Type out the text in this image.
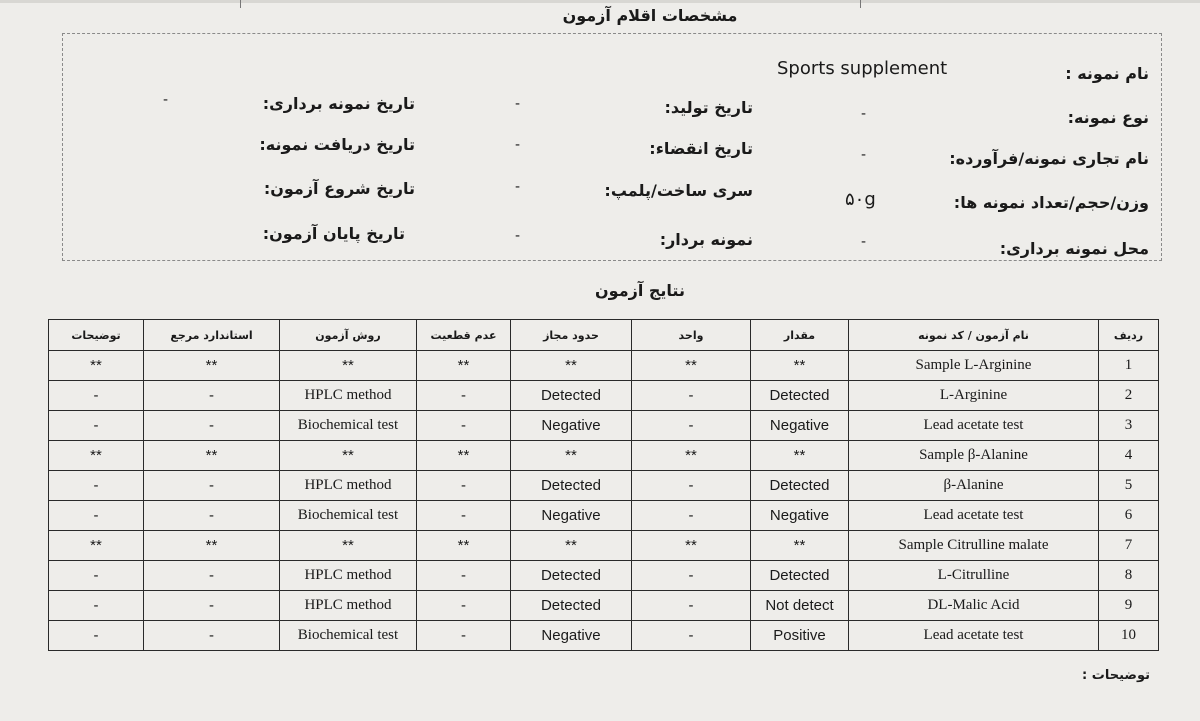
مشخصات اقلام آزمون
نام نمونه :
Sports supplement
نوع نمونه:
-
نام تجاری نمونه/فرآورده:
-
وزن/حجم/تعداد نمونه ها:
۵۰g
محل نمونه برداری:
-
تاریخ تولید:
-
تاریخ انقضاء:
-
سری ساخت/پلمپ:
-
نمونه بردار:
-
تاریخ نمونه برداری:
-
تاریخ دریافت نمونه:
تاریخ شروع آزمون:
تاریخ پایان آزمون:
نتایج آزمون
ردیف	نام آزمون / کد نمونه	مقدار	واحد	حدود مجاز	عدم قطعیت	روش آزمون	استاندارد مرجع	توضیحات
1	Sample L-Arginine	**	**	**	**	**	**	**
2	L-Arginine	Detected	-	Detected	-	HPLC method	-	-
3	Lead acetate test	Negative	-	Negative	-	Biochemical test	-	-
4	Sample β-Alanine	**	**	**	**	**	**	**
5	β-Alanine	Detected	-	Detected	-	HPLC method	-	-
6	Lead acetate test	Negative	-	Negative	-	Biochemical test	-	-
7	Sample Citrulline malate	**	**	**	**	**	**	**
8	L-Citrulline	Detected	-	Detected	-	HPLC method	-	-
9	DL-Malic Acid	Not detect	-	Detected	-	HPLC method	-	-
10	Lead acetate test	Positive	-	Negative	-	Biochemical test	-	-
توضیحات :
